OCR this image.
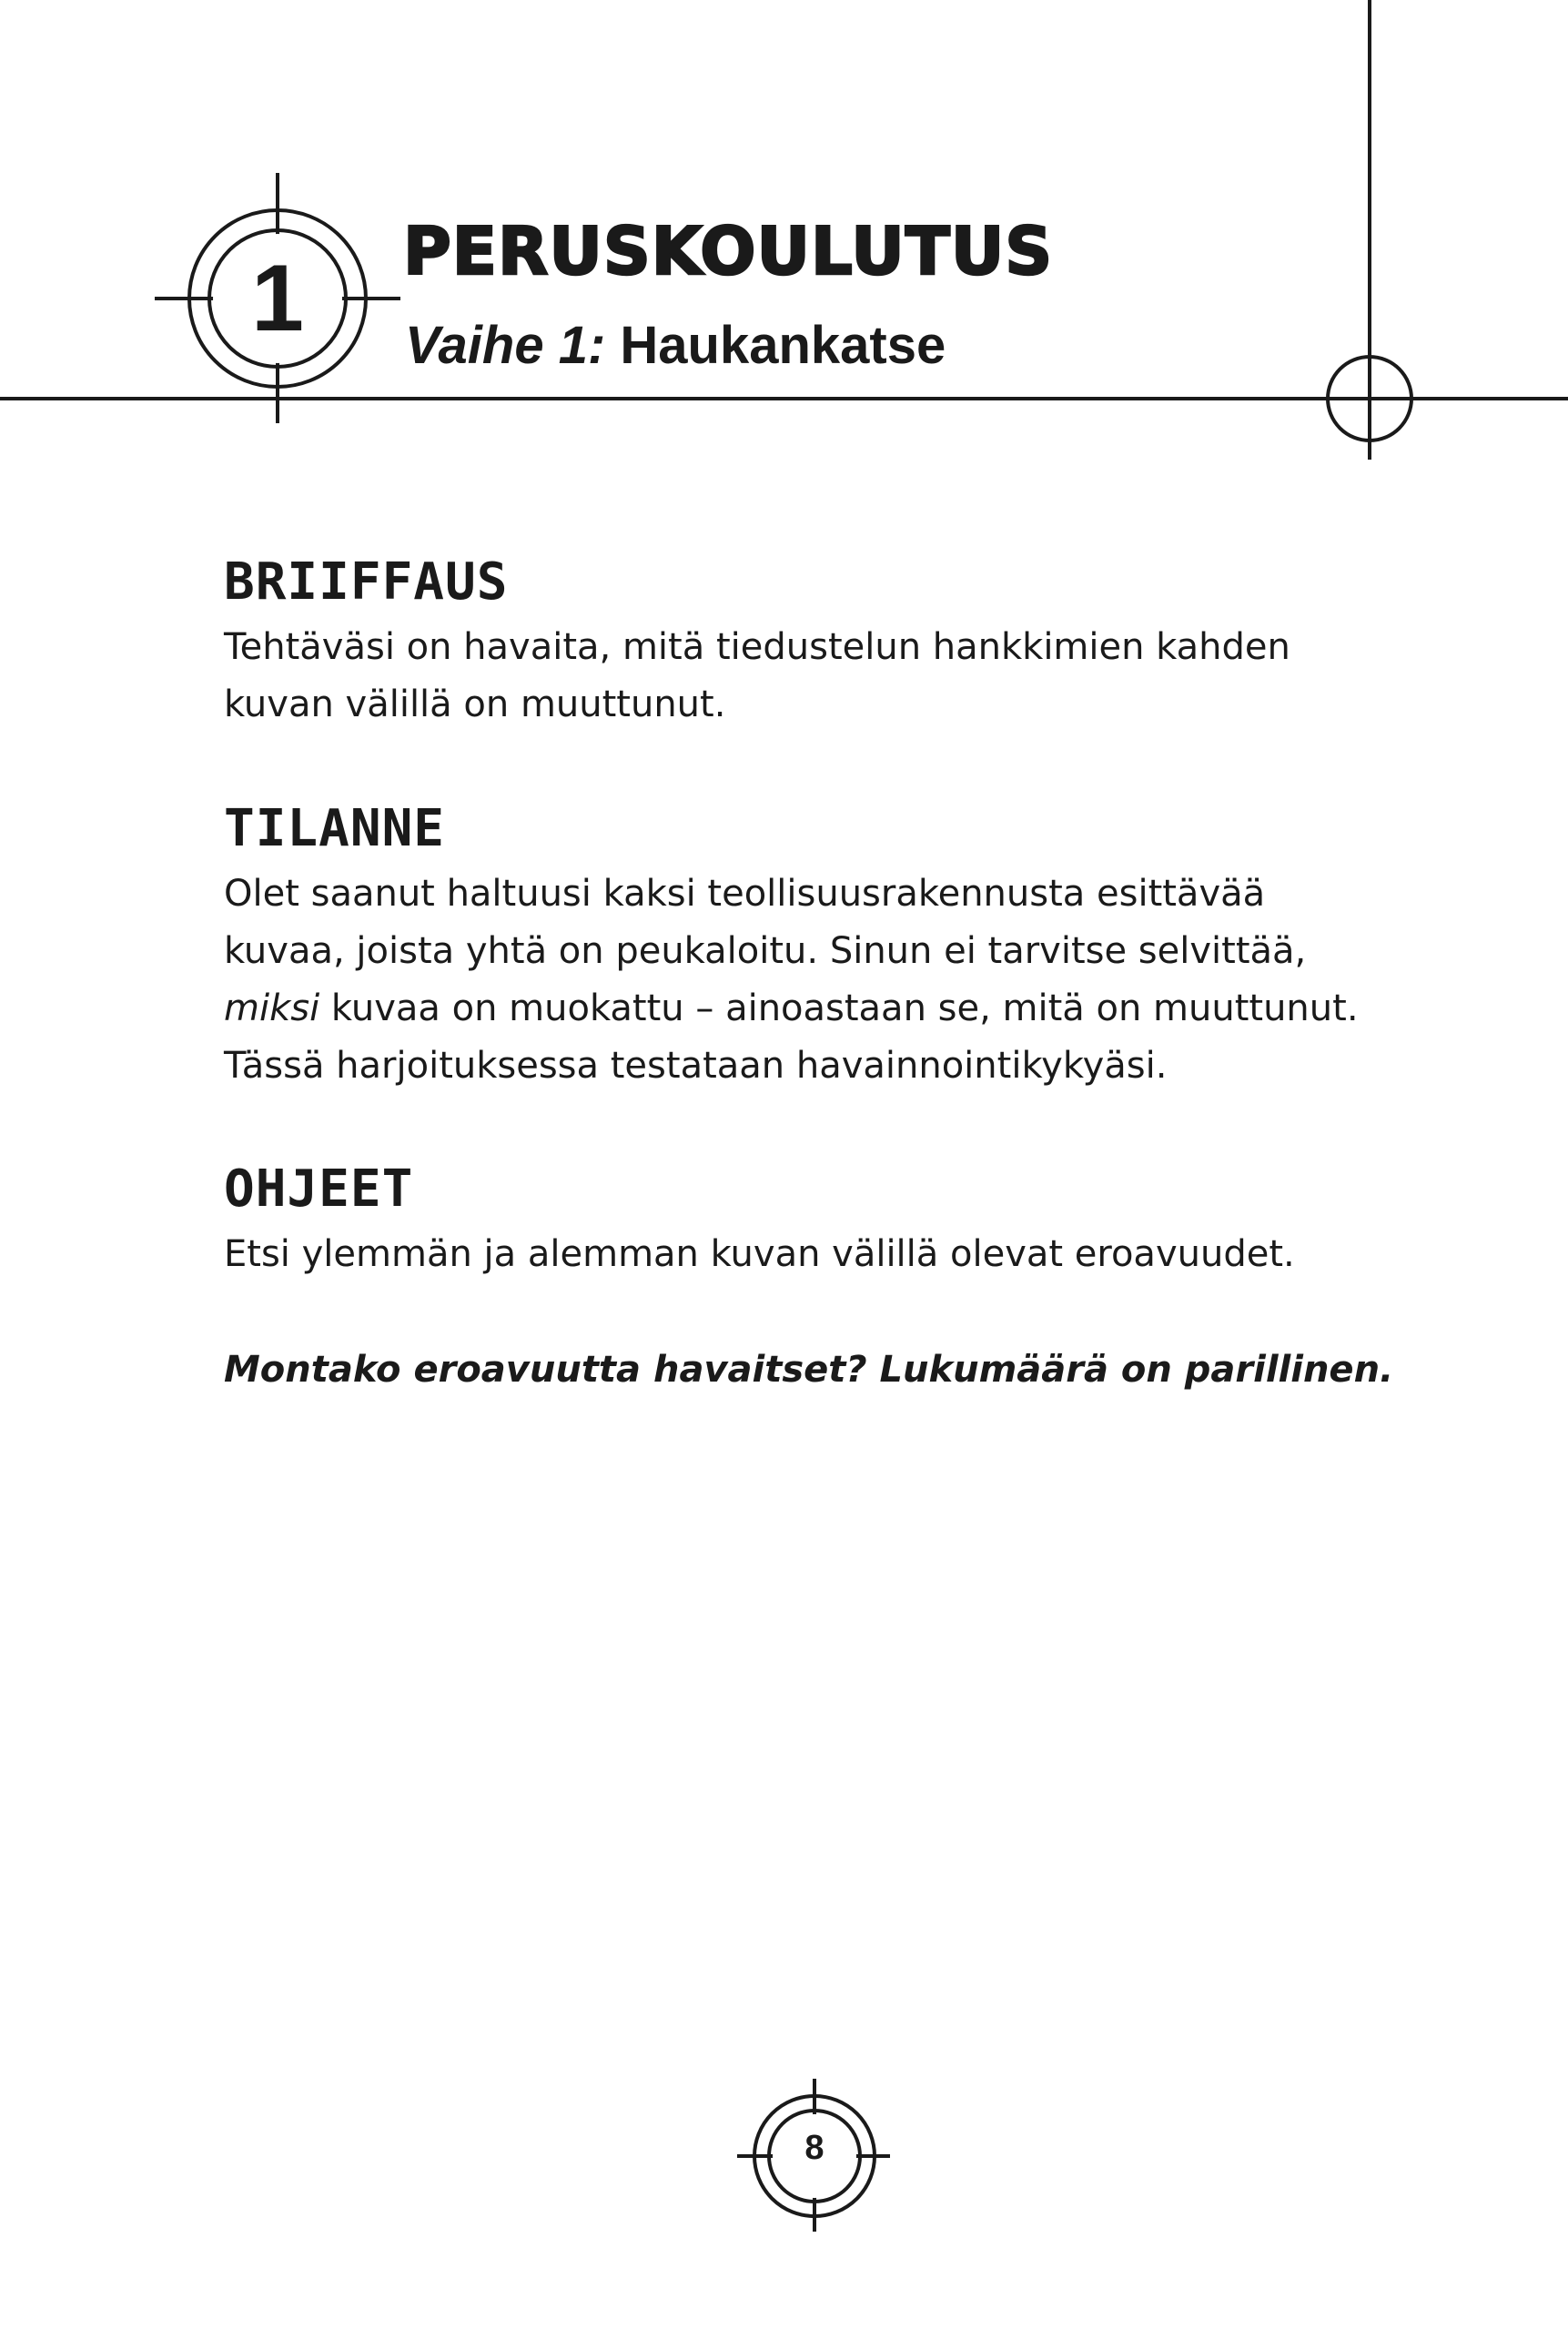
1	PERUSKOULUTUS
Vaihe 1: Haukankatse
BRIIFFAUS

Tehtäväsi on havaita, mitä tiedustelun hankkimien kahden
kuvan välillä on muuttunut.

TILANNE

Olet saanut haltuusi kaksi teollisuusrakennusta esittävää
kuvaa, joista yhtä on peukaloitu. Sinun ei tarvitse selvittää,
miksi kuvaa on muokattu – ainoastaan se, mitä on muuttunut.
Tässä harjoituksessa testataan havainnointikykyäsi.

OHJEET

Etsi ylemmän ja alemman kuvan välillä olevat eroavuudet.

Montako eroavuutta havaitset? Lukumäärä on parillinen.

8
